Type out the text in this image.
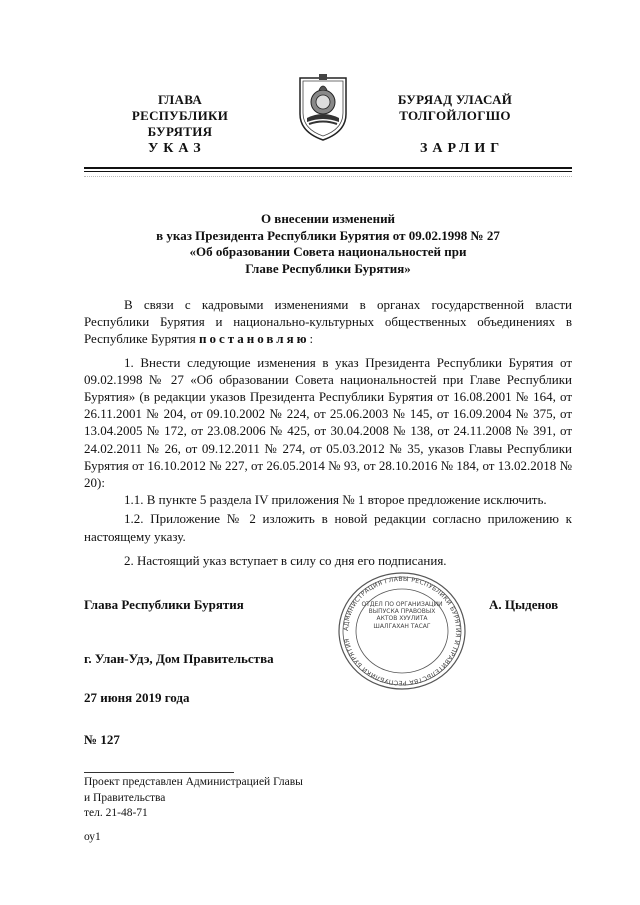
ГЛАВА
РЕСПУБЛИКИ БУРЯТИЯ
БУРЯАД УЛАСАЙ
ТОЛГОЙЛОГШО
УКАЗ	ЗАРЛИГ
О внесении изменений
в указ Президента Республики Бурятия от 09.02.1998 № 27
«Об образовании Совета национальностей при
Главе Республики Бурятия»

В связи с кадровыми изменениями в органах государственной власти Республики Бурятия и национально-культурных общественных объединениях в Республике Бурятия постановляю:

1. Внести следующие изменения в указ Президента Республики Бурятия от 09.02.1998 № 27 «Об образовании Совета национальностей при Главе Республики Бурятия» (в редакции указов Президента Республики Бурятия от 16.08.2001 № 164, от 26.11.2001 № 204, от 09.10.2002 № 224, от 25.06.2003 № 145, от 16.09.2004 № 375, от 13.04.2005 № 172, от 23.08.2006 № 425, от 30.04.2008 № 138, от 24.11.2008 № 391, от 24.02.2011 № 26, от 09.12.2011 № 274, от 05.03.2012 № 35, указов Главы Республики Бурятия от 16.10.2012 № 227, от 26.05.2014 № 93, от 28.10.2016 № 184, от 13.02.2018 № 20):

1.1. В пункте 5 раздела IV приложения № 1 второе предложение исключить.

1.2. Приложение № 2 изложить в новой редакции согласно приложению к настоящему указу.

2. Настоящий указ вступает в силу со дня его подписания.

АДМИНИСТРАЦИЯ ГЛАВЫ РЕСПУБЛИКИ БУРЯТИЯ И ПРАВИТЕЛЬСТВА РЕСПУБЛИКИ БУРЯТИЯ
ОТДЕЛ ПО ОРГАНИЗАЦИИ ВЫПУСКА ПРАВОВЫХ АКТОВ ХУУЛИТА ШАЛГАХАН ТАСАГ
Глава Республики Бурятия	А. Цыденов
г. Улан-Удэ, Дом Правительства
27 июня 2019 года
№ 127
Проект представлен Администрацией Главы
и Правительства
тел. 21-48-71
оу1
